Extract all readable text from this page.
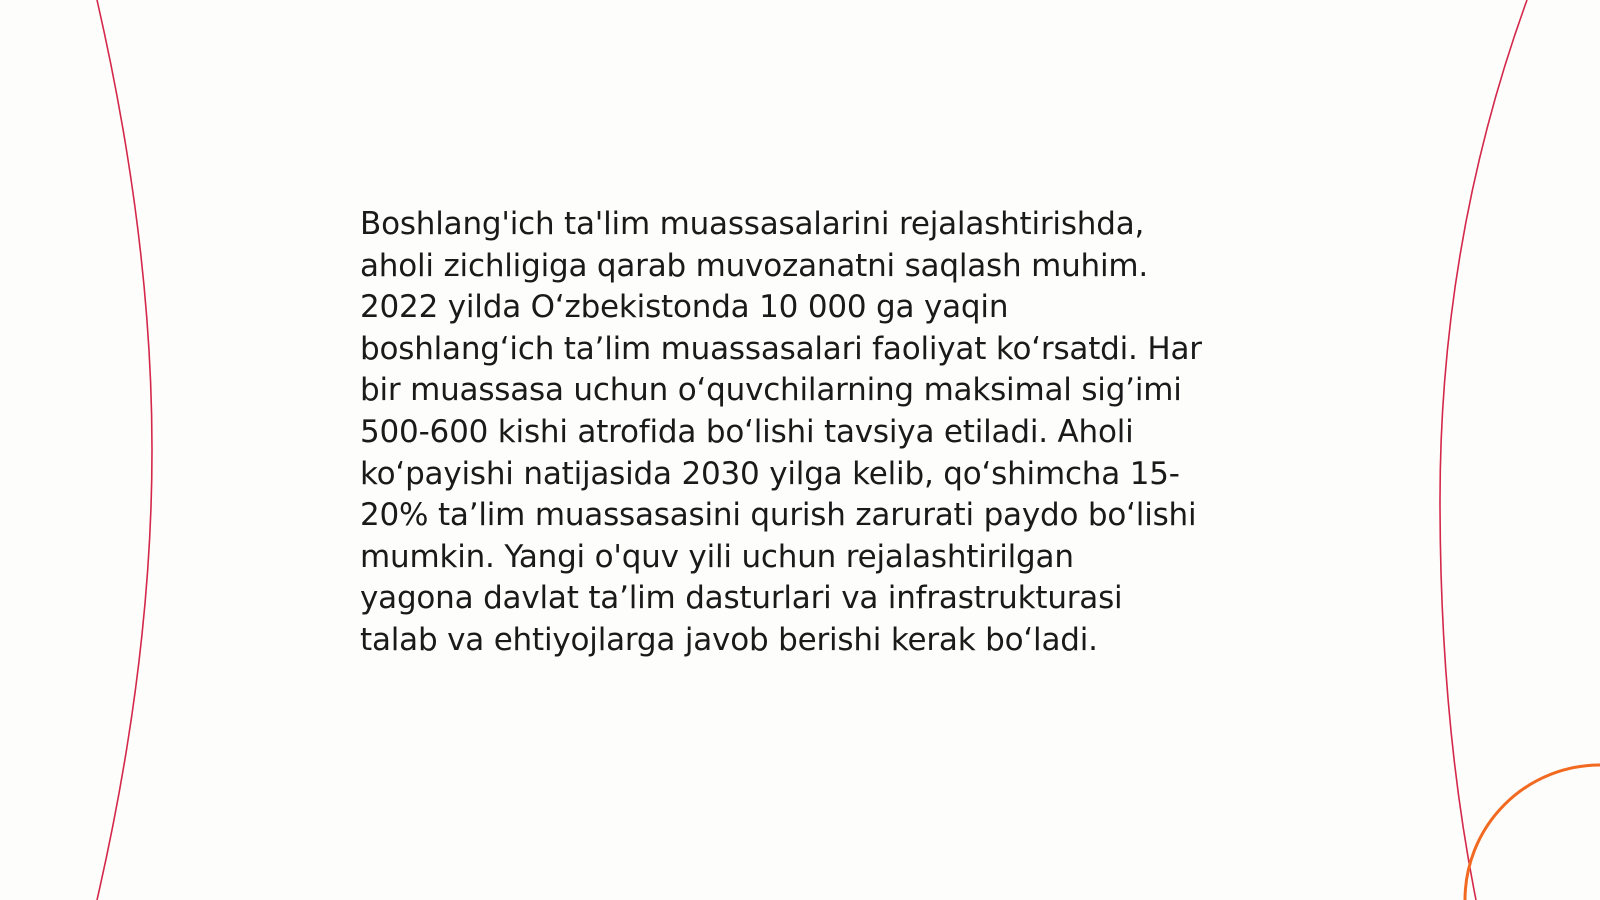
Boshlang'ich ta'lim muassasalarini rejalashtirishda,
aholi zichligiga qarab muvozanatni saqlash muhim.
2022 yilda O‘zbekistonda 10 000 ga yaqin
boshlang‘ich ta’lim muassasalari faoliyat ko‘rsatdi. Har
bir muassasa uchun o‘quvchilarning maksimal sig’imi
500-600 kishi atrofida bo‘lishi tavsiya etiladi. Aholi
ko‘payishi natijasida 2030 yilga kelib, qo‘shimcha 15-
20% ta’lim muassasasini qurish zarurati paydo bo‘lishi
mumkin. Yangi o'quv yili uchun rejalashtirilgan
yagona davlat ta’lim dasturlari va infrastrukturasi
talab va ehtiyojlarga javob berishi kerak bo‘ladi.
